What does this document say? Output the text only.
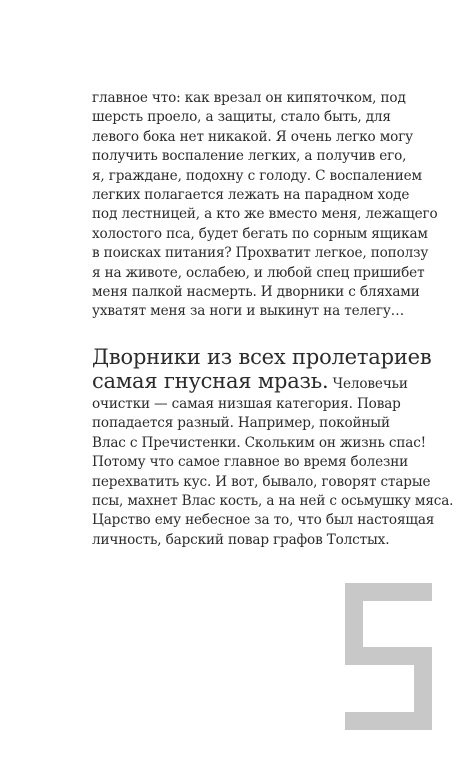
главное что: как врезал он кипяточком, под
шерсть проело, а защиты, стало быть, для
левого бока нет никакой. Я очень легко могу
получить воспаление легких, а получив его,
я, граждане, подохну с голоду. С воспалением
легких полагается лежать на парадном ходе
под лестницей, а кто же вместо меня, лежащего
холостого пса, будет бегать по сорным ящикам
в поисках питания? Прохватит легкое, поползу
я на животе, ослабею, и любой спец пришибет
меня палкой насмерть. И дворники с бляхами
ухватят меня за ноги и выкинут на телегу…
Дворники из всех пролетариев
самая гнусная мразь. Человечьи
очистки — самая низшая категория. Повар
попадается разный. Например, покойный
Влас с Пречистенки. Скольким он жизнь спас!
Потому что самое главное во время болезни
перехватить кус. И вот, бывало, говорят старые
псы, махнет Влас кость, а на ней с осьмушку мяса.
Царство ему небесное за то, что был настоящая
личность, барский повар графов Толстых.
